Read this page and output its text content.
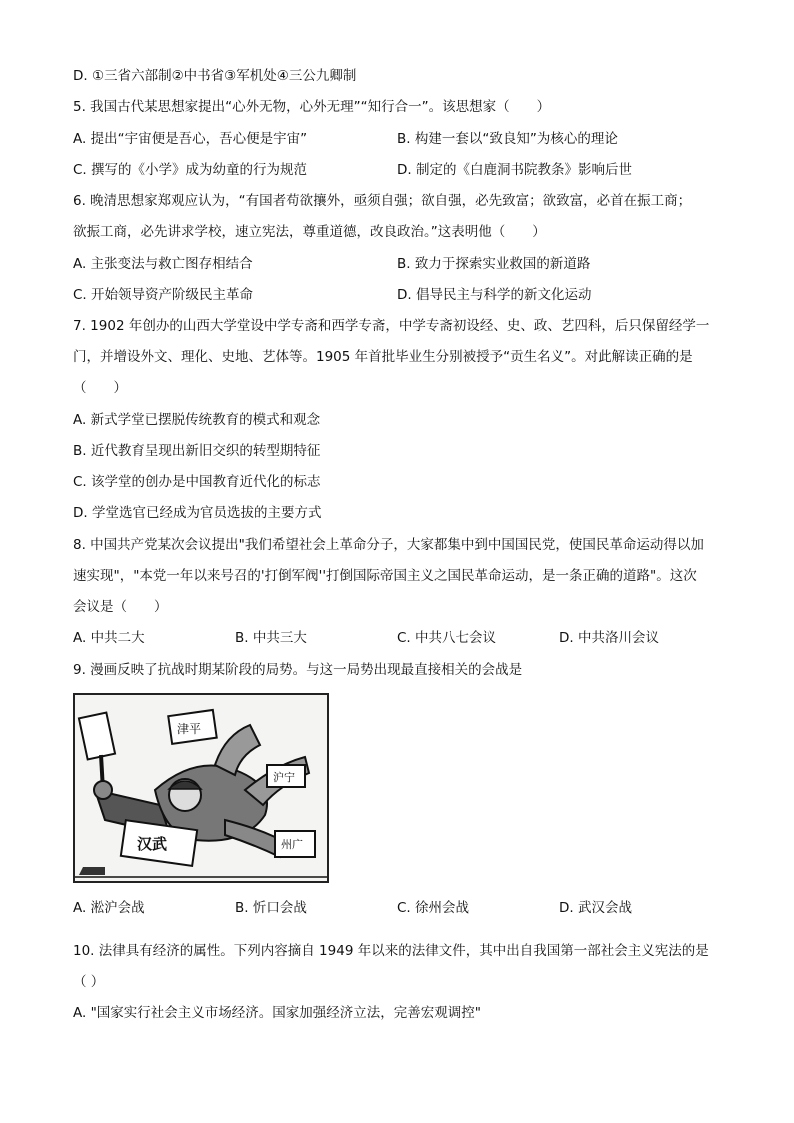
D. ①三省六部制②中书省③军机处④三公九卿制
5. 我国古代某思想家提出“心外无物，心外无理”“知行合一”。该思想家（　　）
A. 提出“宇宙便是吾心，吾心便是宇宙”	B. 构建一套以“致良知”为核心的理论
C. 撰写的《小学》成为幼童的行为规范	D. 制定的《白鹿洞书院教条》影响后世
6. 晚清思想家郑观应认为，“有国者苟欲攘外，亟须自强；欲自强，必先致富；欲致富，必首在振工商；
欲振工商，必先讲求学校，速立宪法，尊重道德，改良政治。”这表明他（　　）
A. 主张变法与救亡图存相结合	B. 致力于探索实业救国的新道路
C. 开始领导资产阶级民主革命	D. 倡导民主与科学的新文化运动
7. 1902 年创办的山西大学堂设中学专斋和西学专斋，中学专斋初设经、史、政、艺四科，后只保留经学一
门，并增设外文、理化、史地、艺体等。1905 年首批毕业生分别被授予“贡生名义”。对此解读正确的是
（　　）
A. 新式学堂已摆脱传统教育的模式和观念
B. 近代教育呈现出新旧交织的转型期特征
C. 该学堂的创办是中国教育近代化的标志
D. 学堂选官已经成为官员选拔的主要方式
8. 中国共产党某次会议提出"我们希望社会上革命分子，大家都集中到中国国民党，使国民革命运动得以加
速实现"，"本党一年以来号召的'打倒军阀''打倒国际帝国主义之国民革命运动，是一条正确的道路"。这次
会议是（　　）
A. 中共二大	B. 中共三大	C. 中共八七会议	D. 中共洛川会议
9. 漫画反映了抗战时期某阶段的局势。与这一局势出现最直接相关的会战是
津平
沪宁
汉武	州广
A. 淞沪会战	B. 忻口会战	C. 徐州会战	D. 武汉会战
10. 法律具有经济的属性。下列内容摘自 1949 年以来的法律文件，其中出自我国第一部社会主义宪法的是
（ ）
A. "国家实行社会主义市场经济。国家加强经济立法，完善宏观调控"
